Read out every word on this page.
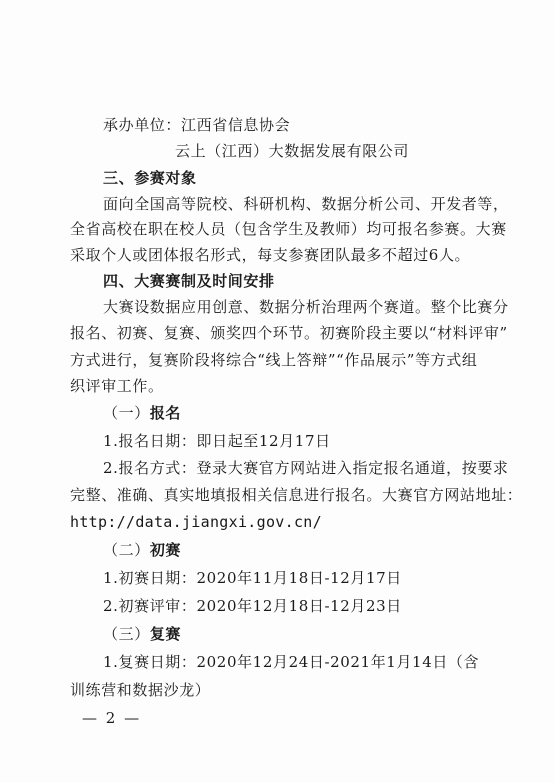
承办单位：江西省信息协会
云上（江西）大数据发展有限公司
三、参赛对象
面向全国高等院校、科研机构、数据分析公司、开发者等，
全省高校在职在校人员（包含学生及教师）均可报名参赛。大赛
采取个人或团体报名形式，每支参赛团队最多不超过6人。
四、大赛赛制及时间安排
大赛设数据应用创意、数据分析治理两个赛道。整个比赛分
报名、初赛、复赛、颁奖四个环节。初赛阶段主要以“材料评审”
方式进行，复赛阶段将综合“线上答辩”“作品展示”等方式组
织评审工作。
（一）报名
1.报名日期：即日起至12月17日
2.报名方式：登录大赛官方网站进入指定报名通道，按要求
完整、准确、真实地填报相关信息进行报名。大赛官方网站地址：
http://data.jiangxi.gov.cn/
（二）初赛
1.初赛日期：2020年11月18日-12月17日
2.初赛评审：2020年12月18日-12月23日
（三）复赛
1.复赛日期：2020年12月24日-2021年1月14日（含
训练营和数据沙龙）
— 2 —
